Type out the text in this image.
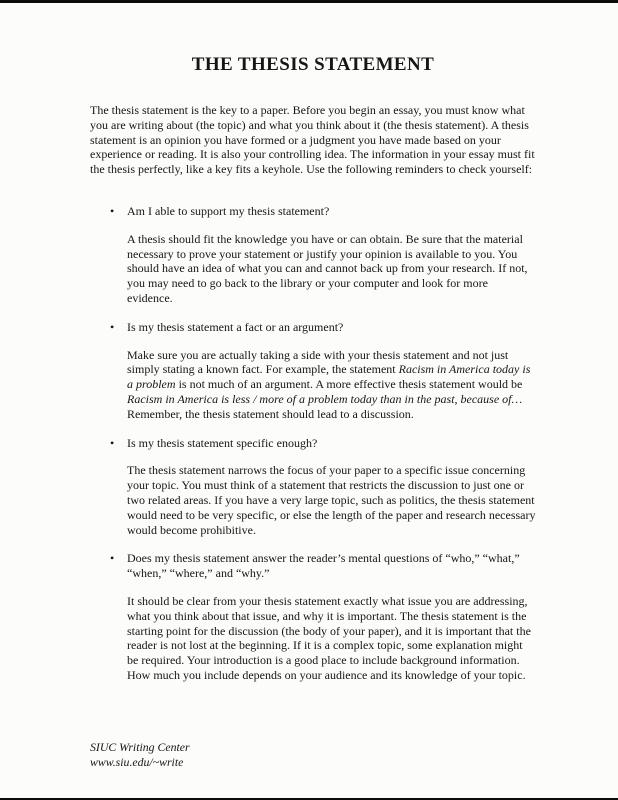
THE THESIS STATEMENT

The thesis statement is the key to a paper. Before you begin an essay, you must know what you are writing about (the topic) and what you think about it (the thesis statement). A thesis statement is an opinion you have formed or a judgment you have made based on your experience or reading. It is also your controlling idea. The information in your essay must fit the thesis perfectly, like a key fits a keyhole. Use the following reminders to check yourself:

•	Am I able to support my thesis statement?

A thesis should fit the knowledge you have or can obtain. Be sure that the material necessary to prove your statement or justify your opinion is available to you. You should have an idea of what you can and cannot back up from your research. If not, you may need to go back to the library or your computer and look for more evidence.

•	Is my thesis statement a fact or an argument?

Make sure you are actually taking a side with your thesis statement and not just simply stating a known fact. For example, the statement Racism in America today is a problem is not much of an argument. A more effective thesis statement would be Racism in America is less / more of a problem today than in the past, because of… Remember, the thesis statement should lead to a discussion.

•	Is my thesis statement specific enough?

The thesis statement narrows the focus of your paper to a specific issue concerning your topic. You must think of a statement that restricts the discussion to just one or two related areas. If you have a very large topic, such as politics, the thesis statement would need to be very specific, or else the length of the paper and research necessary would become prohibitive.

•	Does my thesis statement answer the reader’s mental questions of “who,” “what,” “when,” “where,” and “why.”

It should be clear from your thesis statement exactly what issue you are addressing, what you think about that issue, and why it is important. The thesis statement is the starting point for the discussion (the body of your paper), and it is important that the reader is not lost at the beginning. If it is a complex topic, some explanation might be required. Your introduction is a good place to include background information. How much you include depends on your audience and its knowledge of your topic.

SIUC Writing Center
www.siu.edu/~write
